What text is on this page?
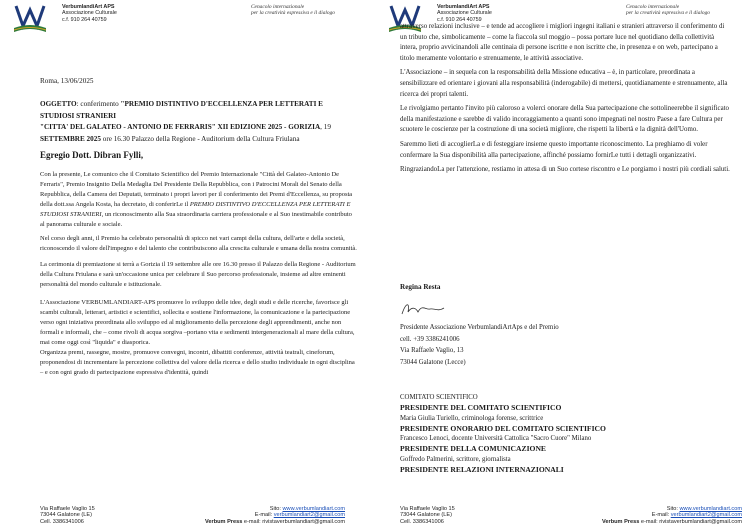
VerbumlandiArt APS
Associazione Culturale
c.f. 910 264 40759
Cenacolo internazionale
per la creatività espressiva e il dialogo
Roma, 13/06/2025
OGGETTO: conferimento "PREMIO DISTINTIVO D'ECCELLENZA PER LETTERATI E STUDIOSI STRANIERI
"CITTA' DEL GALATEO - ANTONIO DE FERRARIS" XII EDIZIONE 2025 - GORIZIA, 19
SETTEMBRE 2025 ore 16.30 Palazzo della Regione - Auditorium della Cultura Friulana
Egregio Dott. Dibran Fylli,

Con la presente, Le comunico che il Comitato Scientifico del Premio Internazionale "Città del Galateo-Antonio De Ferraris", Premio Insignito Della Medaglia Del Presidente Della Repubblica, con i Patrocini Morali del Senato della Repubblica, della Camera dei Deputati, terminato i propri lavori per il conferimento dei Premi d'Eccellenza, su proposta della dott.ssa Angela Kosta, ha decretato, di conferirLe il PREMIO DISTINTIVO D'ECCELLENZA PER LETTERATI E STUDIOSI STRANIERI, un riconoscimento alla Sua straordinaria carriera professionale e al Suo inestimabile contributo al panorama culturale e sociale.

Nel corso degli anni, il Premio ha celebrato personalità di spicco nei vari campi della cultura, dell'arte e della società, riconoscendo il valore dell'impegno e del talento che contribuiscono alla crescita culturale e umana della nostra comunità.

La cerimonia di premiazione si terrà a Gorizia il 19 settembre alle ore 16.30 presso il Palazzo della Regione - Auditorium della Cultura Friulana e sarà un'occasione unica per celebrare il Suo percorso professionale, insieme ad altre eminenti personalità del mondo culturale e istituzionale.

L'Associazione VERBUMLANDIART-APS promuove lo sviluppo delle idee, degli studi e delle ricerche, favorisce gli scambi culturali, letterari, artistici e scientifici, sollecita e sostiene l'informazione, la comunicazione e la partecipazione verso ogni iniziativa preordinata allo sviluppo ed al miglioramento della percezione degli apprendimenti, anche non formali e informali, che – come rivoli di acqua sorgiva –portano vita e sedimenti intergenerazionali al mare della cultura, mai come oggi così "liquida" e diasporica.

Organizza premi, rassegne, mostre, promuove convegni, incontri, dibattiti conferenze, attività teatrali, cineforum, proponendosi di incrementare la percezione collettiva del valore della ricerca e dello studio individuale in ogni disciplina – e con ogni grado di partecipazione espressiva d'identità, quindi

Via Raffaele Vaglio 15
73044 Galatone (LE)
Cell. 3386341006
Sito: www.verbumlandiart.com
E-mail: verbumlandiart2@gmail.com
Verbum Press e-mail: rivistaverbumlandiart@gmail.com
VerbumlandiArt APS
Associazione Culturale
c.f. 910 264 40759
Cenacolo internazionale
per la creatività espressiva e il dialogo

attraverso relazioni inclusive – e tende ad accogliere i migliori ingegni italiani e stranieri attraverso il conferimento di un tributo che, simbolicamente – come la fiaccola sul moggio – possa portare luce nel quotidiano della collettività intera, proprio avvicinandoli alle centinaia di persone iscritte e non iscritte che, in presenza e on web, partecipano a titolo meramente volontario e strenuamente, le attività associative.

L'Associazione – in sequela con la responsabilità della Missione educativa – è, in particolare, preordinata a sensibilizzare ed orientare i giovani alla responsabilità (inderogabile) di mettersi, quotidianamente e strenuamente, alla ricerca dei propri talenti.

Le rivolgiamo pertanto l'invito più caloroso a volerci onorare della Sua partecipazione che sottolineerebbe il significato della manifestazione e sarebbe di valido incoraggiamento a quanti sono impegnati nel nostro Paese a fare Cultura per scuotere le coscienze per la costruzione di una società migliore, che rispetti la libertà e la dignità dell'Uomo.

Saremmo lieti di accoglierLa e di festeggiare insieme questo importante riconoscimento. La preghiamo di voler confermare la Sua disponibilità alla partecipazione, affinché possiamo fornirLe tutti i dettagli organizzativi.

RingraziandoLa per l'attenzione, restiamo in attesa di un Suo cortese riscontro e Le porgiamo i nostri più cordiali saluti.

Regina Resta
Presidente Associazione VerbumlandiArtAps e del Premio
cell. +39 3386241006
Via Raffaele Vaglio, 13
73044 Galatone (Lecce)
COMITATO SCIENTIFICO
PRESIDENTE DEL COMITATO SCIENTIFICO
Maria Giulia Turiello, criminologa forense, scrittrice
PRESIDENTE ONORARIO DEL COMITATO SCIENTIFICO
Francesco Lenoci, docente Università Cattolica "Sacro Cuore" Milano
PRESIDENTE DELLA COMUNICAZIONE
Goffredo Palmerini, scrittore, giornalista
PRESIDENTE RELAZIONI INTERNAZIONALI
Via Raffaele Vaglio 15
73044 Galatone (LE)
Cell. 3386341006
Sito: www.verbumlandiart.com
E-mail: verbumlandiart2@gmail.com
Verbum Press e-mail: rivistaverbumlandiart@gmail.com
